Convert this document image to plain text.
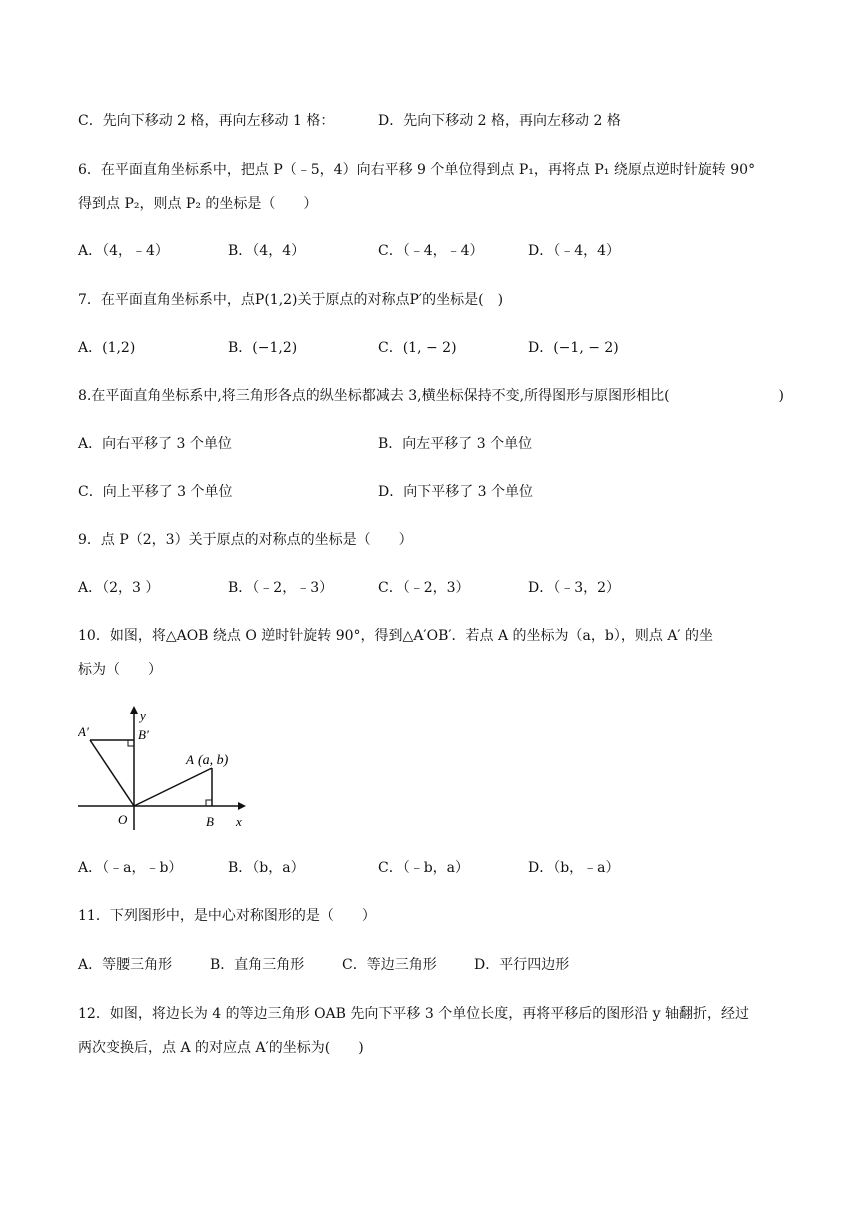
C．先向下移动 2 格，再向左移动 1 格：	D．先向下移动 2 格，再向左移动 2 格
6．在平面直角坐标系中，把点 P（﹣5，4）向右平移 9 个单位得到点 P₁，再将点 P₁ 绕原点逆时针旋转 90°
得到点 P₂，则点 P₂ 的坐标是（　　）
A．（4，﹣4）	B．（4，4）	C．（﹣4，﹣4）	D．（﹣4，4）
7．在平面直角坐标系中，点P(1,2)关于原点的对称点P′的坐标是(　)
A．(1,2)	B．(−1,2)	C．(1, − 2)	D．(−1, − 2)
8.在平面直角坐标系中,将三角形各点的纵坐标都减去 3,横坐标保持不变,所得图形与原图形相比(	)
A．向右平移了 3 个单位	B．向左平移了 3 个单位
C．向上平移了 3 个单位	D．向下平移了 3 个单位
9．点 P（2，3）关于原点的对称点的坐标是（　　）
A．（2，3 ）	B．（﹣2，﹣3）	C．（﹣2，3）	D．（﹣3，2）
10．如图，将△AOB 绕点 O 逆时针旋转 90°，得到△A′OB′．若点 A 的坐标为（a，b），则点 A′ 的坐
标为（　　）
A′	B′
y
A (a, b)
O	B x
A．（﹣a，﹣b）	B．（b，a）	C．（﹣b，a）	D．（b，﹣a）
11．下列图形中，是中心对称图形的是（　　）
A．等腰三角形	B．直角三角形	C．等边三角形	D．平行四边形
12．如图，将边长为 4 的等边三角形 OAB 先向下平移 3 个单位长度，再将平移后的图形沿 y 轴翻折，经过
两次变换后，点 A 的对应点 A′的坐标为(　　)
